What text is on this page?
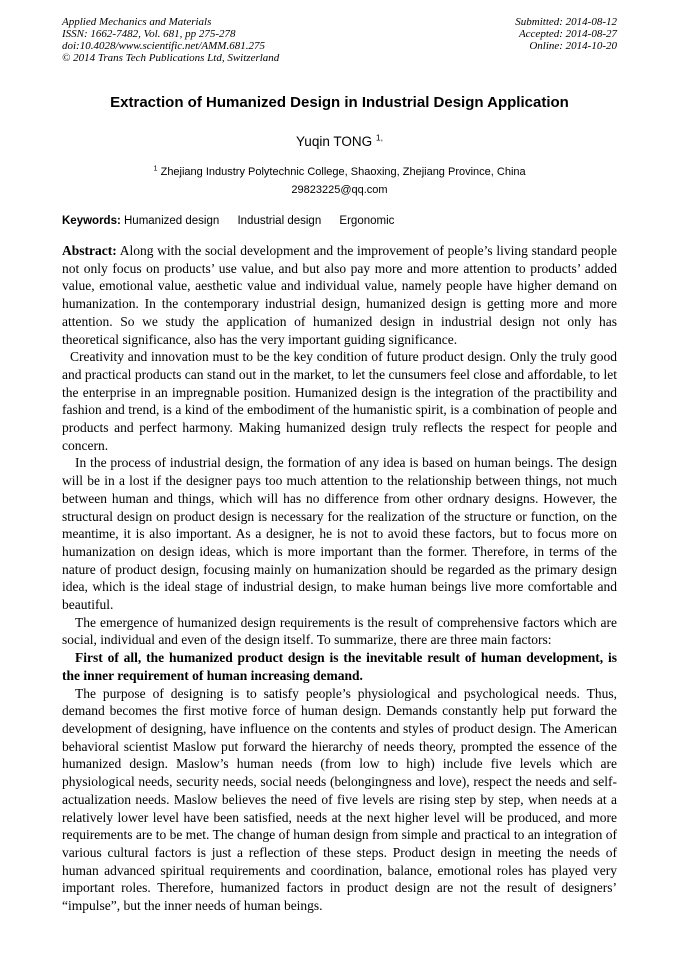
Applied Mechanics and Materials
ISSN: 1662-7482, Vol. 681, pp 275-278
doi:10.4028/www.scientific.net/AMM.681.275
© 2014 Trans Tech Publications Ltd, Switzerland
Submitted: 2014-08-12
Accepted: 2014-08-27
Online: 2014-10-20
Extraction of Humanized Design in Industrial Design Application
Yuqin TONG $^{1,}$
$^1$ Zhejiang Industry Polytechnic College, Shaoxing, Zhejiang Province, China
29823225@qq.com
Keywords: Humanized design Industrial design Ergonomic

Abstract: Along with the social development and the improvement of people’s living standard people not only focus on products’ use value, and but also pay more and more attention to products’ added value, emotional value, aesthetic value and individual value, namely people have higher demand on humanization. In the contemporary industrial design, humanized design is getting more and more attention. So we study the application of humanized design in industrial design not only has theoretical significance, also has the very important guiding significance.

Creativity and innovation must to be the key condition of future product design. Only the truly good and practical products can stand out in the market, to let the cunsumers feel close and affordable, to let the enterprise in an impregnable position. Humanized design is the integration of the practibility and fashion and trend, is a kind of the embodiment of the humanistic spirit, is a combination of people and products and perfect harmony. Making humanized design truly reflects the respect for people and concern.

In the process of industrial design, the formation of any idea is based on human beings. The design will be in a lost if the designer pays too much attention to the relationship between things, not much between human and things, which will has no difference from other ordnary designs. However, the structural design on product design is necessary for the realization of the structure or function, on the meantime, it is also important. As a designer, he is not to avoid these factors, but to focus more on humanization on design ideas, which is more important than the former. Therefore, in terms of the nature of product design, focusing mainly on humanization should be regarded as the primary design idea, which is the ideal stage of industrial design, to make human beings live more comfortable and beautiful.

The emergence of humanized design requirements is the result of comprehensive factors which are social, individual and even of the design itself. To summarize, there are three main factors:

First of all, the humanized product design is the inevitable result of human development, is the inner requirement of human increasing demand.

The purpose of designing is to satisfy people’s physiological and psychological needs. Thus, demand becomes the first motive force of human design. Demands constantly help put forward the development of designing, have influence on the contents and styles of product design. The American behavioral scientist Maslow put forward the hierarchy of needs theory, prompted the essence of the humanized design. Maslow’s human needs (from low to high) include five levels which are physiological needs, security needs, social needs (belongingness and love), respect the needs and self-actualization needs. Maslow believes the need of five levels are rising step by step, when needs at a relatively lower level have been satisfied, needs at the next higher level will be produced, and more requirements are to be met. The change of human design from simple and practical to an integration of various cultural factors is just a reflection of these steps. Product design in meeting the needs of human advanced spiritual requirements and coordination, balance, emotional roles has played very important roles. Therefore, humanized factors in product design are not the result of designers’ “impulse”, but the inner needs of human beings.
